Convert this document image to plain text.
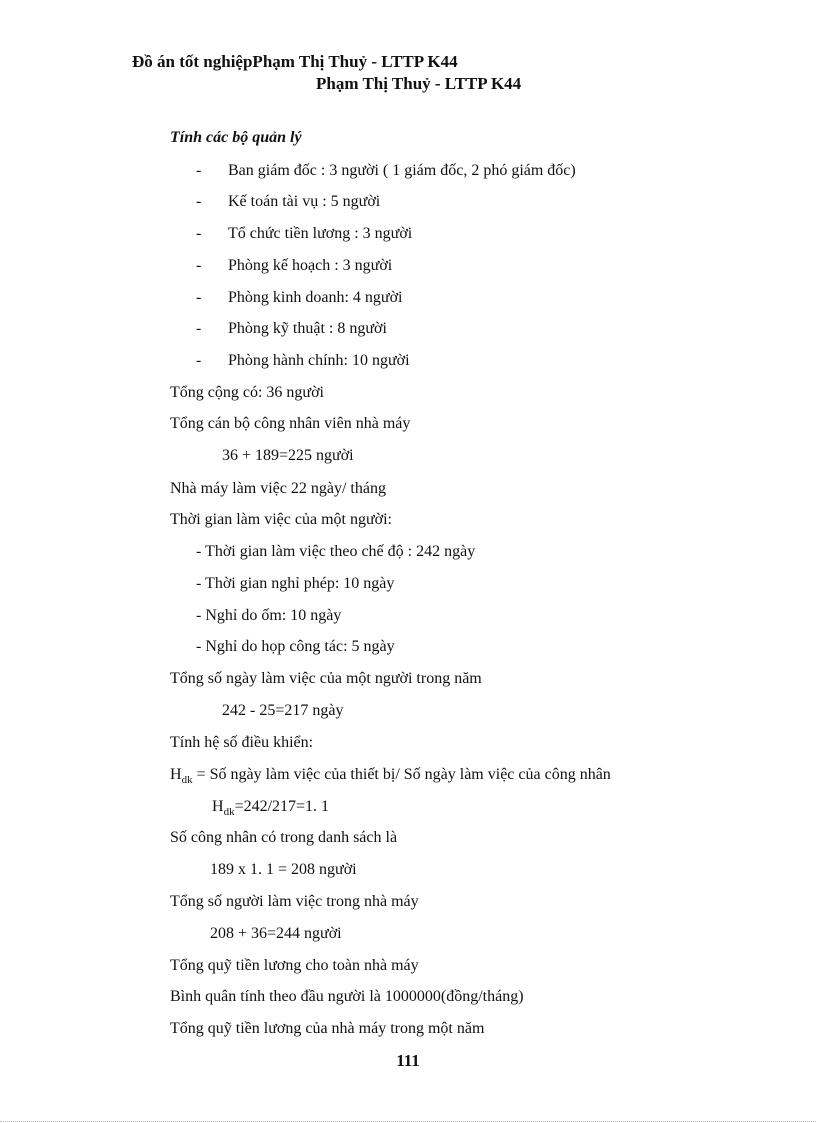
Đồ án tốt nghiệpPhạm Thị Thuỷ - LTTP K44
Phạm Thị Thuỷ - LTTP K44
Tính các bộ quản lý
- Ban giám đốc : 3 người ( 1 giám đốc, 2 phó giám đốc)
- Kế toán tài vụ : 5 người
- Tổ chức tiền lương : 3 người
- Phòng kế hoạch : 3 người
- Phòng kinh doanh: 4 người
- Phòng kỹ thuật : 8 người
- Phòng hành chính: 10 người
Tổng cộng có: 36 người
Tổng cán bộ công nhân viên nhà máy
36 + 189=225 người
Nhà máy làm việc 22 ngày/ tháng
Thời gian làm việc của một người:
- Thời gian làm việc theo chế độ : 242 ngày
- Thời gian nghỉ phép: 10 ngày
- Nghỉ do ốm: 10 ngày
- Nghỉ do họp công tác: 5 ngày
Tổng số ngày làm việc của một người trong năm
242 - 25=217 ngày
Tính hệ số điều khiển:
$H_{dk}$ = Số ngày làm việc của thiết bị/ Số ngày làm việc của công nhân
$H_{dk}=242/217=1$. 1
Số công nhân có trong danh sách là
189 x 1. 1 = 208 người
Tổng số người làm việc trong nhà máy
208 + 36=244 người
Tổng quỹ tiền lương cho toàn nhà máy
Bình quân tính theo đầu người là 1000000(đồng/tháng)
Tổng quỹ tiền lương của nhà máy trong một năm
111
